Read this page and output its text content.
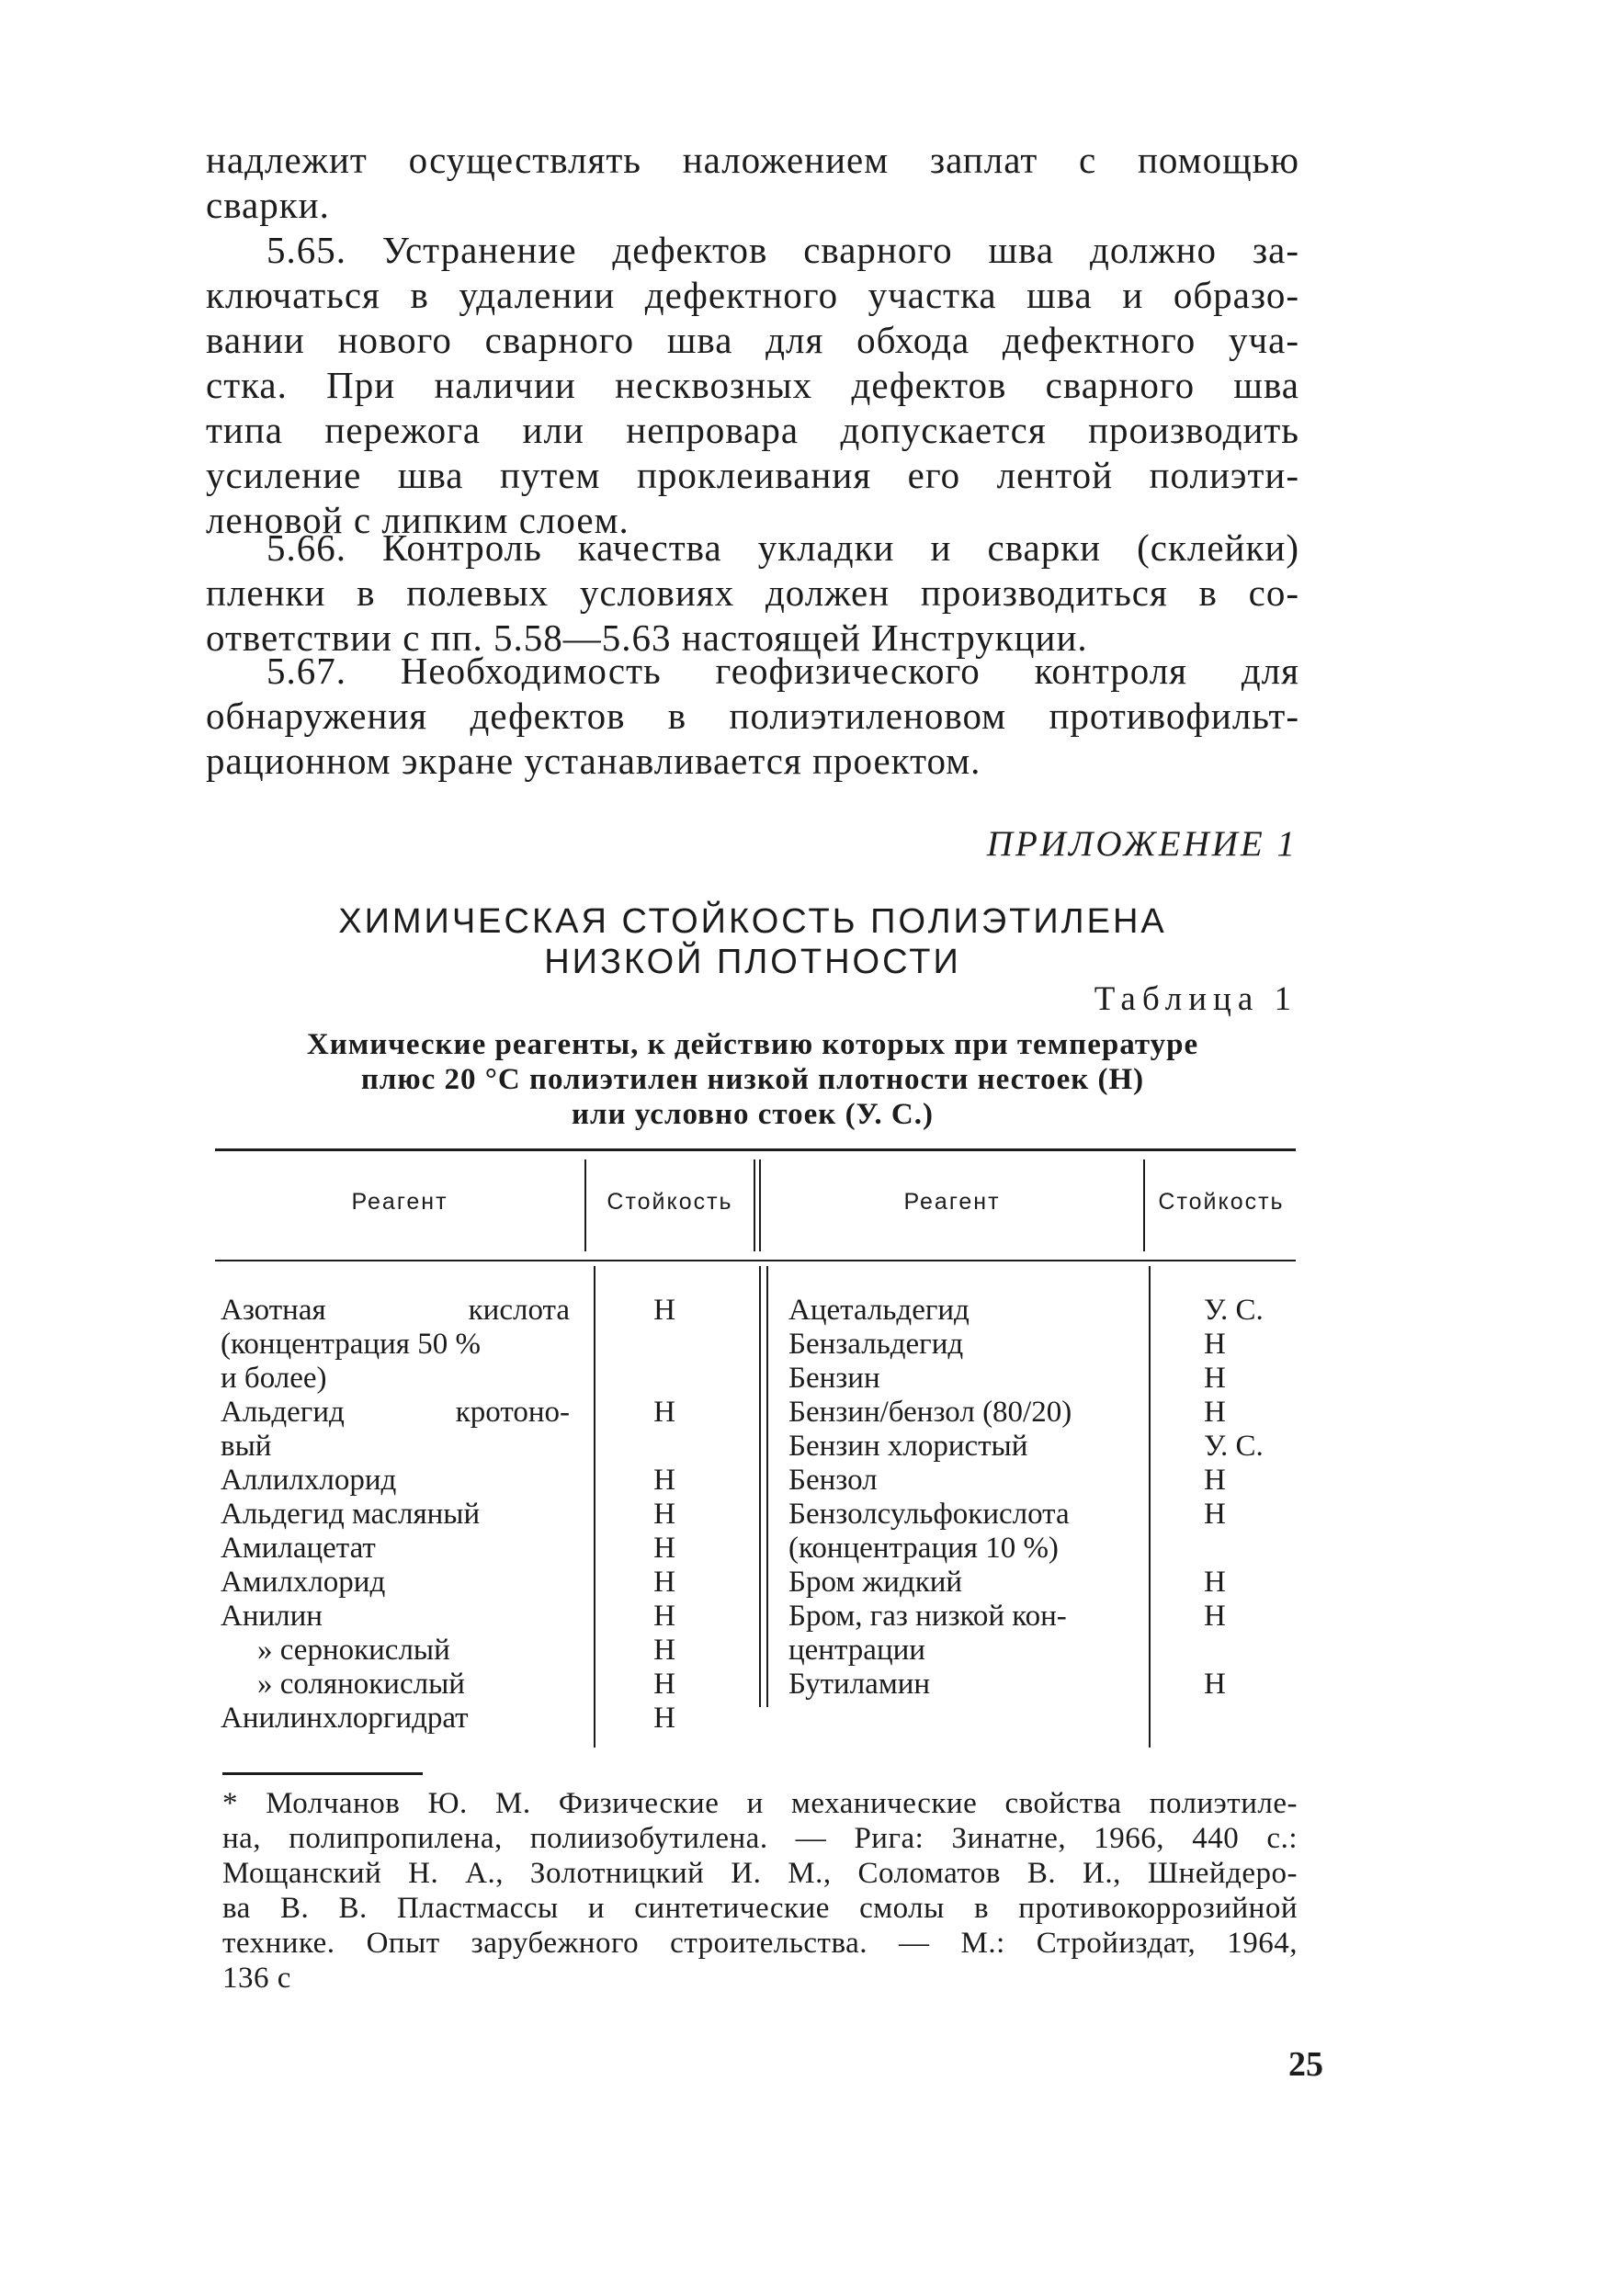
надлежит осуществлять наложением заплат с помощью
сварки.
5.65. Устранение дефектов сварного шва должно за-
ключаться в удалении дефектного участка шва и образо-
вании нового сварного шва для обхода дефектного уча-
стка. При наличии несквозных дефектов сварного шва
типа пережога или непровара допускается производить
усиление шва путем проклеивания его лентой полиэти-
леновой с липким слоем.
5.66. Контроль качества укладки и сварки (склейки)
пленки в полевых условиях должен производиться в со-
ответствии с пп. 5.58—5.63 настоящей Инструкции.
5.67. Необходимость геофизического контроля для
обнаружения дефектов в полиэтиленовом противофильт-
рационном экране устанавливается проектом.
ПРИЛОЖЕНИЕ 1
ХИМИЧЕСКАЯ СТОЙКОСТЬ ПОЛИЭТИЛЕНА
НИЗКОЙ ПЛОТНОСТИ
Таблица 1
Химические реагенты, к действию которых при температуре
плюс 20 °С полиэтилен низкой плотности нестоек (Н)
или условно стоек (У. С.)
Реагент	Стойкость	Реагент	Стойкость
Азотная кислота	Н
(концентрация 50 %
и более)
Альдегид кротоно-	Н
вый
Аллилхлорид	Н
Альдегид масляный	Н
Амилацетат	Н
Амилхлорид	Н
Анилин	Н
» сернокислый	Н
» солянокислый	Н
Анилинхлоргидрат	Н
Ацетальдегид	У. С.
Бензальдегид	Н
Бензин	Н
Бензин/бензол (80/20)	Н
Бензин хлористый	У. С.
Бензол	Н
Бензолсульфокислота	Н
(концентрация 10 %)
Бром жидкий	Н
Бром, газ низкой кон-	Н
центрации
Бутиламин	Н
* Молчанов Ю. М. Физические и механические свойства полиэтиле-
на, полипропилена, полиизобутилена. — Рига: Зинатне, 1966, 440 с.:
Мощанский Н. А., Золотницкий И. М., Соломатов В. И., Шнейдеро-
ва В. В. Пластмассы и синтетические смолы в противокоррозийной
технике. Опыт зарубежного строительства. — М.: Стройиздат, 1964,
136 с
25
